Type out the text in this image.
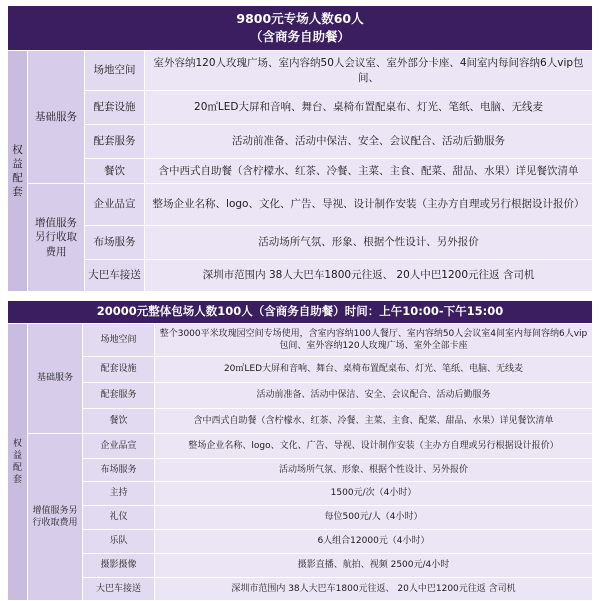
9800元专场人数60人
（含商务自助餐）			

权益配套	基础服务	场地空间	室外容纳120人玫瑰广场、室内容纳50人会议室、室外部分卡座、4间室内每间容纳6人vip包间、
		配套设施	20㎡LED大屏和音响、舞台、桌椅布置配桌布、灯光、笔纸、电脑、无线麦
		配套服务	活动前准备、活动中保洁、安全、会议配合、活动后勤服务
		餐饮	含中西式自助餐（含柠檬水、红茶、冷餐、主菜、主食、配菜、甜品、水果）详见餐饮清单
	增值服务另行收取费用	企业品宣	整场企业名称、logo、文化、广告、导视、设计制作安装（主办方自理或另行根据设计报价）
		布场服务	活动场所气氛、形象、根据个性设计、另外报价
		大巴车接送	深圳市范围内 38人大巴车1800元往返、 20人中巴1200元往返 含司机
20000元整体包场人数100人（含商务自助餐）时间：上午10:00-下午15:00			
权益配套	基础服务	场地空间	整个3000平米玫瑰园空间专场使用，含室内容纳100人餐厅、室内容纳50人会议室4间室内每间容纳6人vip包间、室外容纳120人玫瑰广场、室外全部卡座
		配套设施	20㎡LED大屏和音响、舞台、桌椅布置配桌布、灯光、笔纸、电脑、无线麦
		配套服务	活动前准备、活动中保洁、安全、会议配合、活动后勤服务
		餐饮	含中西式自助餐（含柠檬水、红茶、冷餐、主菜、主食、配菜、甜品、水果）详见餐饮清单
	增值服务另行收取费用	企业品宣	整场企业名称、logo、文化、广告、导视、设计制作安装（主办方自理或另行根据设计报价）
		布场服务	活动场所气氛、形象、根据个性设计、另外报价
		主持	1500元/次（4小时）
		礼仪	每位500元/人（4小时）
		乐队	6人组合12000元（4小时）
		摄影摄像	摄影直播、航拍、视频 2500元/4小时
		大巴车接送	深圳市范围内 38人大巴车1800元往返、 20人中巴1200元往返 含司机
